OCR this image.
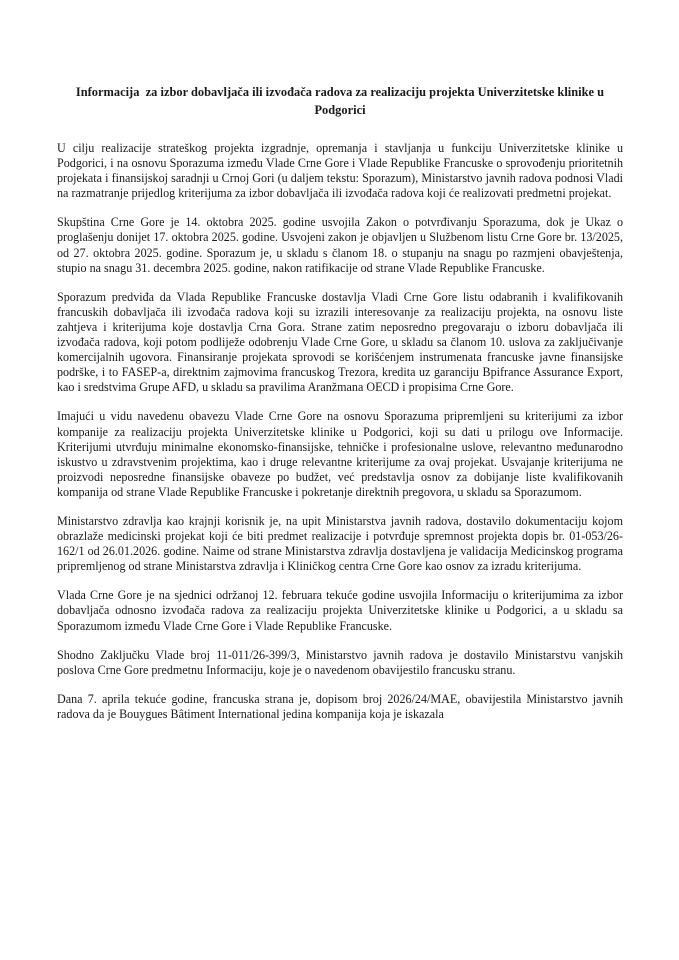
Informacija  za izbor dobavljača ili izvođača radova za realizaciju projekta Univerzitetske klinike u Podgorici

U cilju realizacije strateškog projekta izgradnje, opremanja i stavljanja u funkciju Univerzitetske klinike u Podgorici, i na osnovu Sporazuma između Vlade Crne Gore i Vlade Republike Francuske o sprovođenju prioritetnih projekata i finansijskoj saradnji u Crnoj Gori (u daljem tekstu: Sporazum), Ministarstvo javnih radova podnosi Vladi na razmatranje prijedlog kriterijuma za izbor dobavljača ili izvođača radova koji će realizovati predmetni projekat.

Skupština Crne Gore je 14. oktobra 2025. godine usvojila Zakon o potvrđivanju Sporazuma, dok je Ukaz o proglašenju donijet 17. oktobra 2025. godine. Usvojeni zakon je objavljen u Službenom listu Crne Gore br. 13/2025, od 27. oktobra 2025. godine. Sporazum je, u skladu s članom 18. o stupanju na snagu po razmjeni obavještenja, stupio na snagu 31. decembra 2025. godine, nakon ratifikacije od strane Vlade Republike Francuske.

Sporazum predviđa da Vlada Republike Francuske dostavlja Vladi Crne Gore listu odabranih i kvalifikovanih francuskih dobavljača ili izvođača radova koji su izrazili interesovanje za realizaciju projekta, na osnovu liste zahtjeva i kriterijuma koje dostavlja Crna Gora. Strane zatim neposredno pregovaraju o izboru dobavljača ili izvođača radova, koji potom podliježe odobrenju Vlade Crne Gore, u skladu sa članom 10. uslova za zaključivanje komercijalnih ugovora. Finansiranje projekata sprovodi se korišćenjem instrumenata francuske javne finansijske podrške, i to FASEP-a, direktnim zajmovima francuskog Trezora, kredita uz garanciju Bpifrance Assurance Export, kao i sredstvima Grupe AFD, u skladu sa pravilima Aranžmana OECD i propisima Crne Gore.

Imajući u vidu navedenu obavezu Vlade Crne Gore na osnovu Sporazuma pripremljeni su kriterijumi za izbor kompanije za realizaciju projekta Univerzitetske klinike u Podgorici, koji su dati u prilogu ove Informacije. Kriterijumi utvrđuju minimalne ekonomsko-finansijske, tehničke i profesionalne uslove, relevantno međunarodno iskustvo u zdravstvenim projektima, kao i druge relevantne kriterijume za ovaj projekat. Usvajanje kriterijuma ne proizvodi neposredne finansijske obaveze po budžet, već predstavlja osnov za dobijanje liste kvalifikovanih kompanija od strane Vlade Republike Francuske i pokretanje direktnih pregovora, u skladu sa Sporazumom.

Ministarstvo zdravlja kao krajnji korisnik je, na upit Ministarstva javnih radova, dostavilo dokumentaciju kojom obrazlaže medicinski projekat koji će biti predmet realizacije i potvrđuje spremnost projekta dopis br. 01-053/26-162/1 od 26.01.2026. godine. Naime od strane Ministarstva zdravlja dostavljena je validacija Medicinskog programa pripremljenog od strane Ministarstva zdravlja i Kliničkog centra Crne Gore kao osnov za izradu kriterijuma.

Vlada Crne Gore je na sjednici održanoj 12. februara tekuće godine usvojila Informaciju o kriterijumima za izbor dobavljača odnosno izvođača radova za realizaciju projekta Univerzitetske klinike u Podgorici, a u skladu sa Sporazumom između Vlade Crne Gore i Vlade Republike Francuske.

Shodno Zaključku Vlade broj 11-011/26-399/3, Ministarstvo javnih radova je dostavilo Ministarstvu vanjskih poslova Crne Gore predmetnu Informaciju, koje je o navedenom obavijestilo francusku stranu.

Dana 7. aprila tekuće godine, francuska strana je, dopisom broj 2026/24/MAE, obavijestila Ministarstvo javnih radova da je Bouygues Bâtiment International jedina kompanija koja je iskazala
